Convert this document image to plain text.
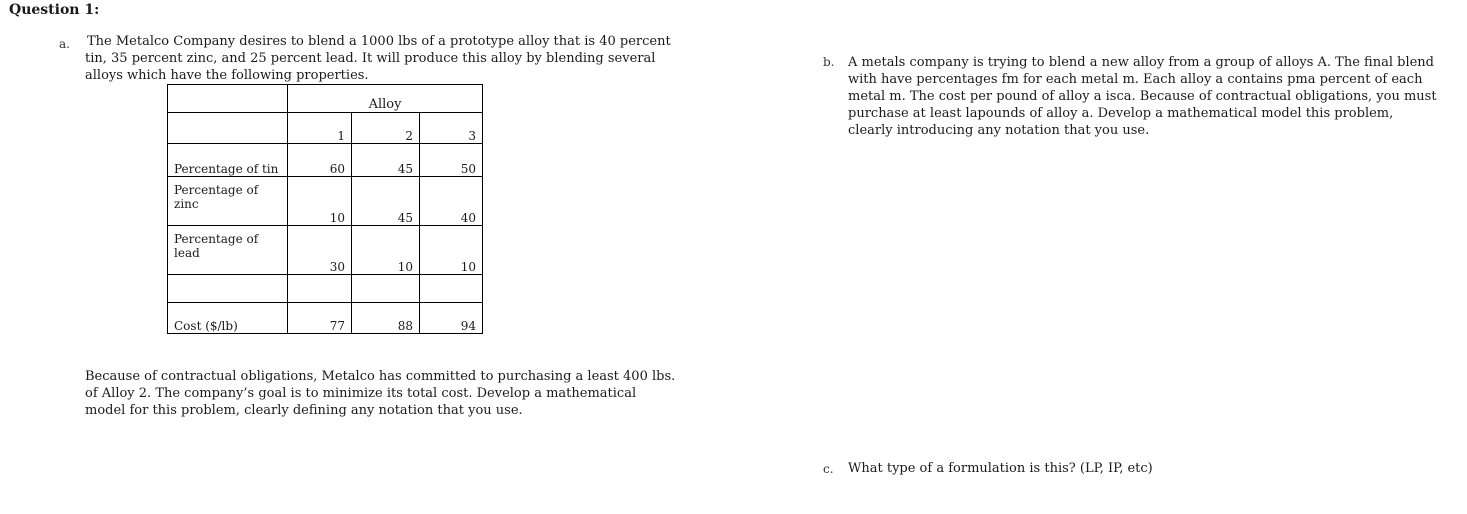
Question 1:
a. The Metalco Company desires to blend a 1000 lbs of a prototype alloy that is 40 percent
tin, 35 percent zinc, and 25 percent lead. It will produce this alloy by blending several
alloys which have the following properties.
	Alloy		
	1	2	3
Percentage of tin	60	45	50

Percentage of
zinc	10	45	40

Percentage of
lead	30	10	10

Cost ($/lb)	77	88	94
Because of contractual obligations, Metalco has committed to purchasing a least 400 lbs.
of Alloy 2. The company’s goal is to minimize its total cost. Develop a mathematical
model for this problem, clearly defining any notation that you use.
b. A metals company is trying to blend a new alloy from a group of alloys A. The final blend
with have percentages fm for each metal m. Each alloy a contains pma percent of each
metal m. The cost per pound of alloy a isca. Because of contractual obligations, you must
purchase at least lapounds of alloy a. Develop a mathematical model this problem,
clearly introducing any notation that you use.
c. What type of a formulation is this? (LP, IP, etc)
